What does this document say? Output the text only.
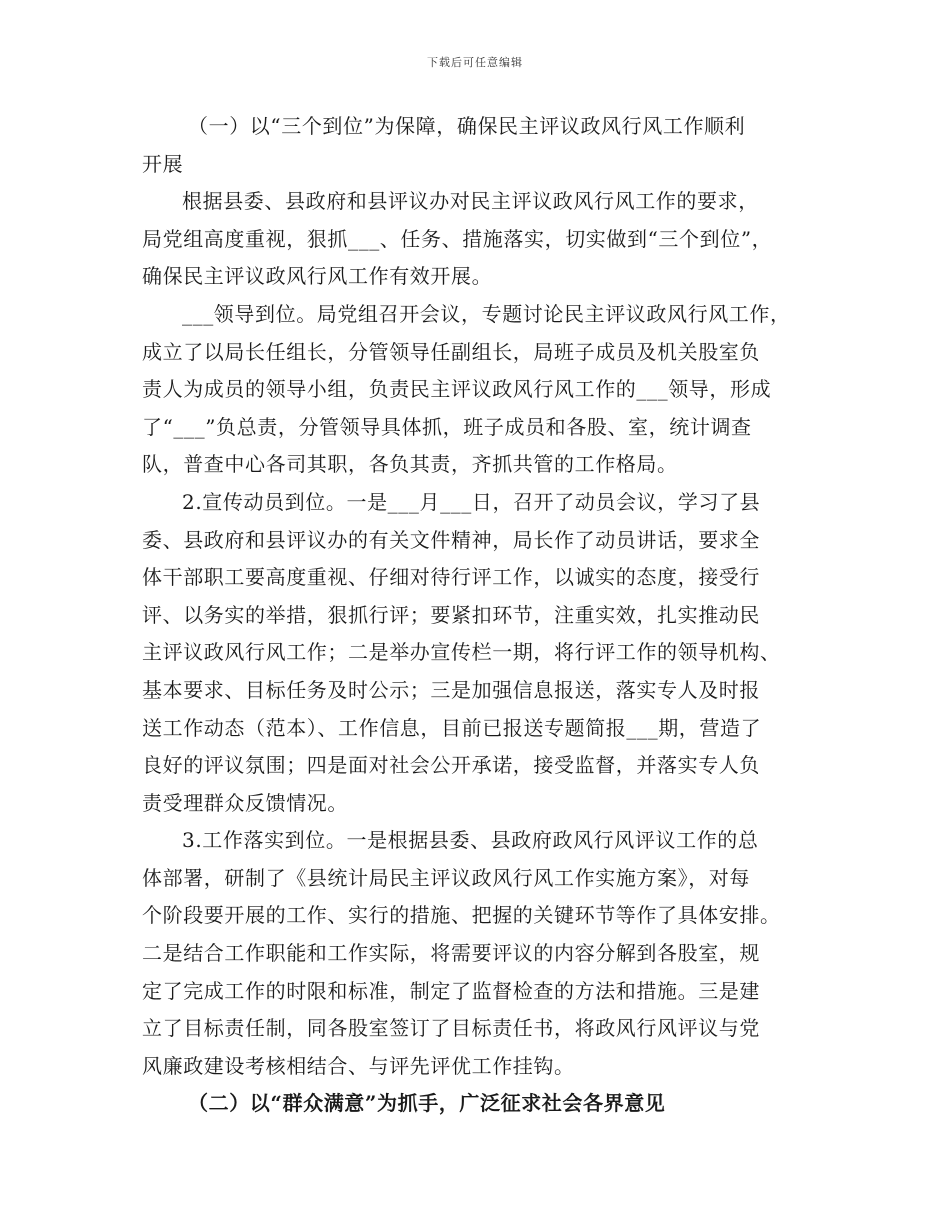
下载后可任意编辑
（一）以“三个到位”为保障，确保民主评议政风行风工作顺利
开展
根据县委、县政府和县评议办对民主评议政风行风工作的要求，
局党组高度重视，狠抓___、任务、措施落实，切实做到“三个到位”，
确保民主评议政风行风工作有效开展。
___领导到位。局党组召开会议，专题讨论民主评议政风行风工作，
成立了以局长任组长，分管领导任副组长，局班子成员及机关股室负
责人为成员的领导小组，负责民主评议政风行风工作的___领导，形成
了“___”负总责，分管领导具体抓，班子成员和各股、室，统计调查
队，普查中心各司其职，各负其责，齐抓共管的工作格局。
2.宣传动员到位。一是___月___日，召开了动员会议，学习了县
委、县政府和县评议办的有关文件精神，局长作了动员讲话，要求全
体干部职工要高度重视、仔细对待行评工作，以诚实的态度，接受行
评、以务实的举措，狠抓行评；要紧扣环节，注重实效，扎实推动民
主评议政风行风工作；二是举办宣传栏一期，将行评工作的领导机构、
基本要求、目标任务及时公示；三是加强信息报送，落实专人及时报
送工作动态（范本）、工作信息，目前已报送专题简报___期，营造了
良好的评议氛围；四是面对社会公开承诺，接受监督，并落实专人负
责受理群众反馈情况。
3.工作落实到位。一是根据县委、县政府政风行风评议工作的总
体部署，研制了《县统计局民主评议政风行风工作实施方案》，对每
个阶段要开展的工作、实行的措施、把握的关键环节等作了具体安排。
二是结合工作职能和工作实际，将需要评议的内容分解到各股室，规
定了完成工作的时限和标准，制定了监督检查的方法和措施。三是建
立了目标责任制，同各股室签订了目标责任书，将政风行风评议与党
风廉政建设考核相结合、与评先评优工作挂钩。
（二）以“群众满意”为抓手，广泛征求社会各界意见
